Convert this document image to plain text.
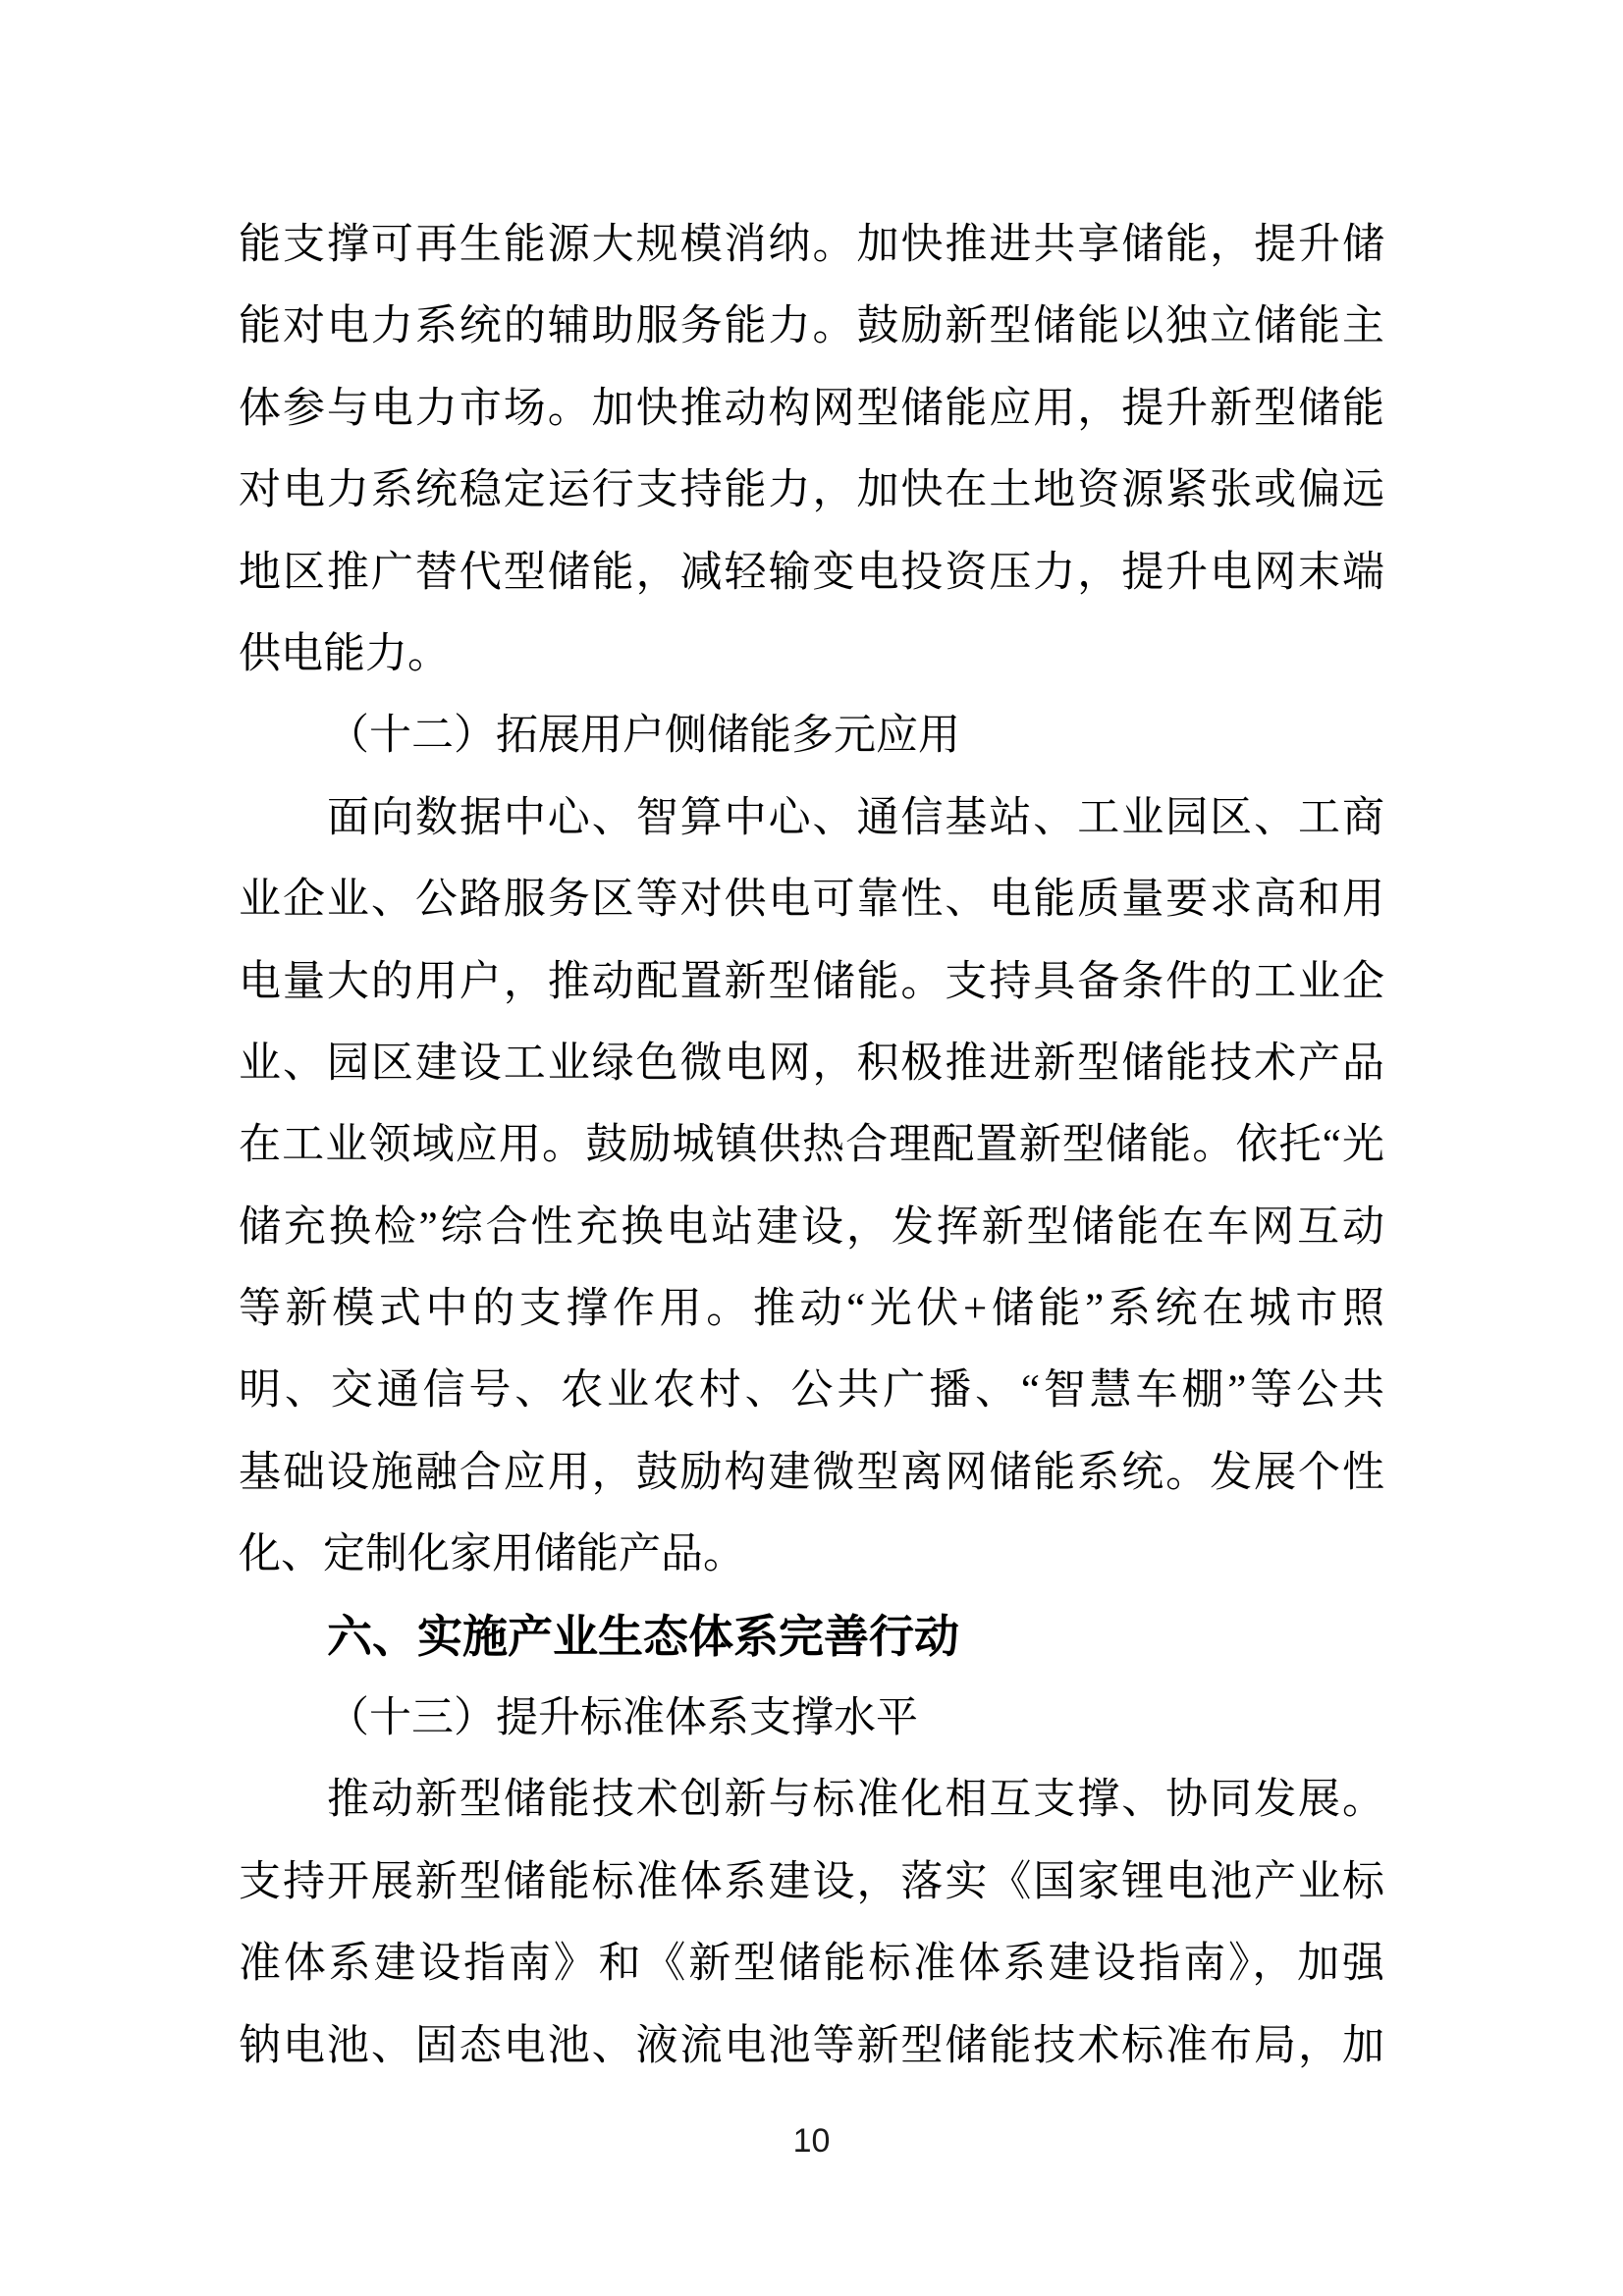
能支撑可再生能源大规模消纳。加快推进共享储能，提升储
能对电力系统的辅助服务能力。鼓励新型储能以独立储能主
体参与电力市场。加快推动构网型储能应用，提升新型储能
对电力系统稳定运行支持能力，加快在土地资源紧张或偏远
地区推广替代型储能，减轻输变电投资压力，提升电网末端
供电能力。
（十二）拓展用户侧储能多元应用
面向数据中心、智算中心、通信基站、工业园区、工商
业企业、公路服务区等对供电可靠性、电能质量要求高和用
电量大的用户，推动配置新型储能。支持具备条件的工业企
业、园区建设工业绿色微电网，积极推进新型储能技术产品
在工业领域应用。鼓励城镇供热合理配置新型储能。依托“光
储充换检”综合性充换电站建设，发挥新型储能在车网互动
等新模式中的支撑作用。推动“光伏+储能”系统在城市照
明、交通信号、农业农村、公共广播、“智慧车棚”等公共
基础设施融合应用，鼓励构建微型离网储能系统。发展个性
化、定制化家用储能产品。
六、实施产业生态体系完善行动
（十三）提升标准体系支撑水平
推动新型储能技术创新与标准化相互支撑、协同发展。
支持开展新型储能标准体系建设，落实《国家锂电池产业标
准体系建设指南》和《新型储能标准体系建设指南》，加强
钠电池、固态电池、液流电池等新型储能技术标准布局，加
10
